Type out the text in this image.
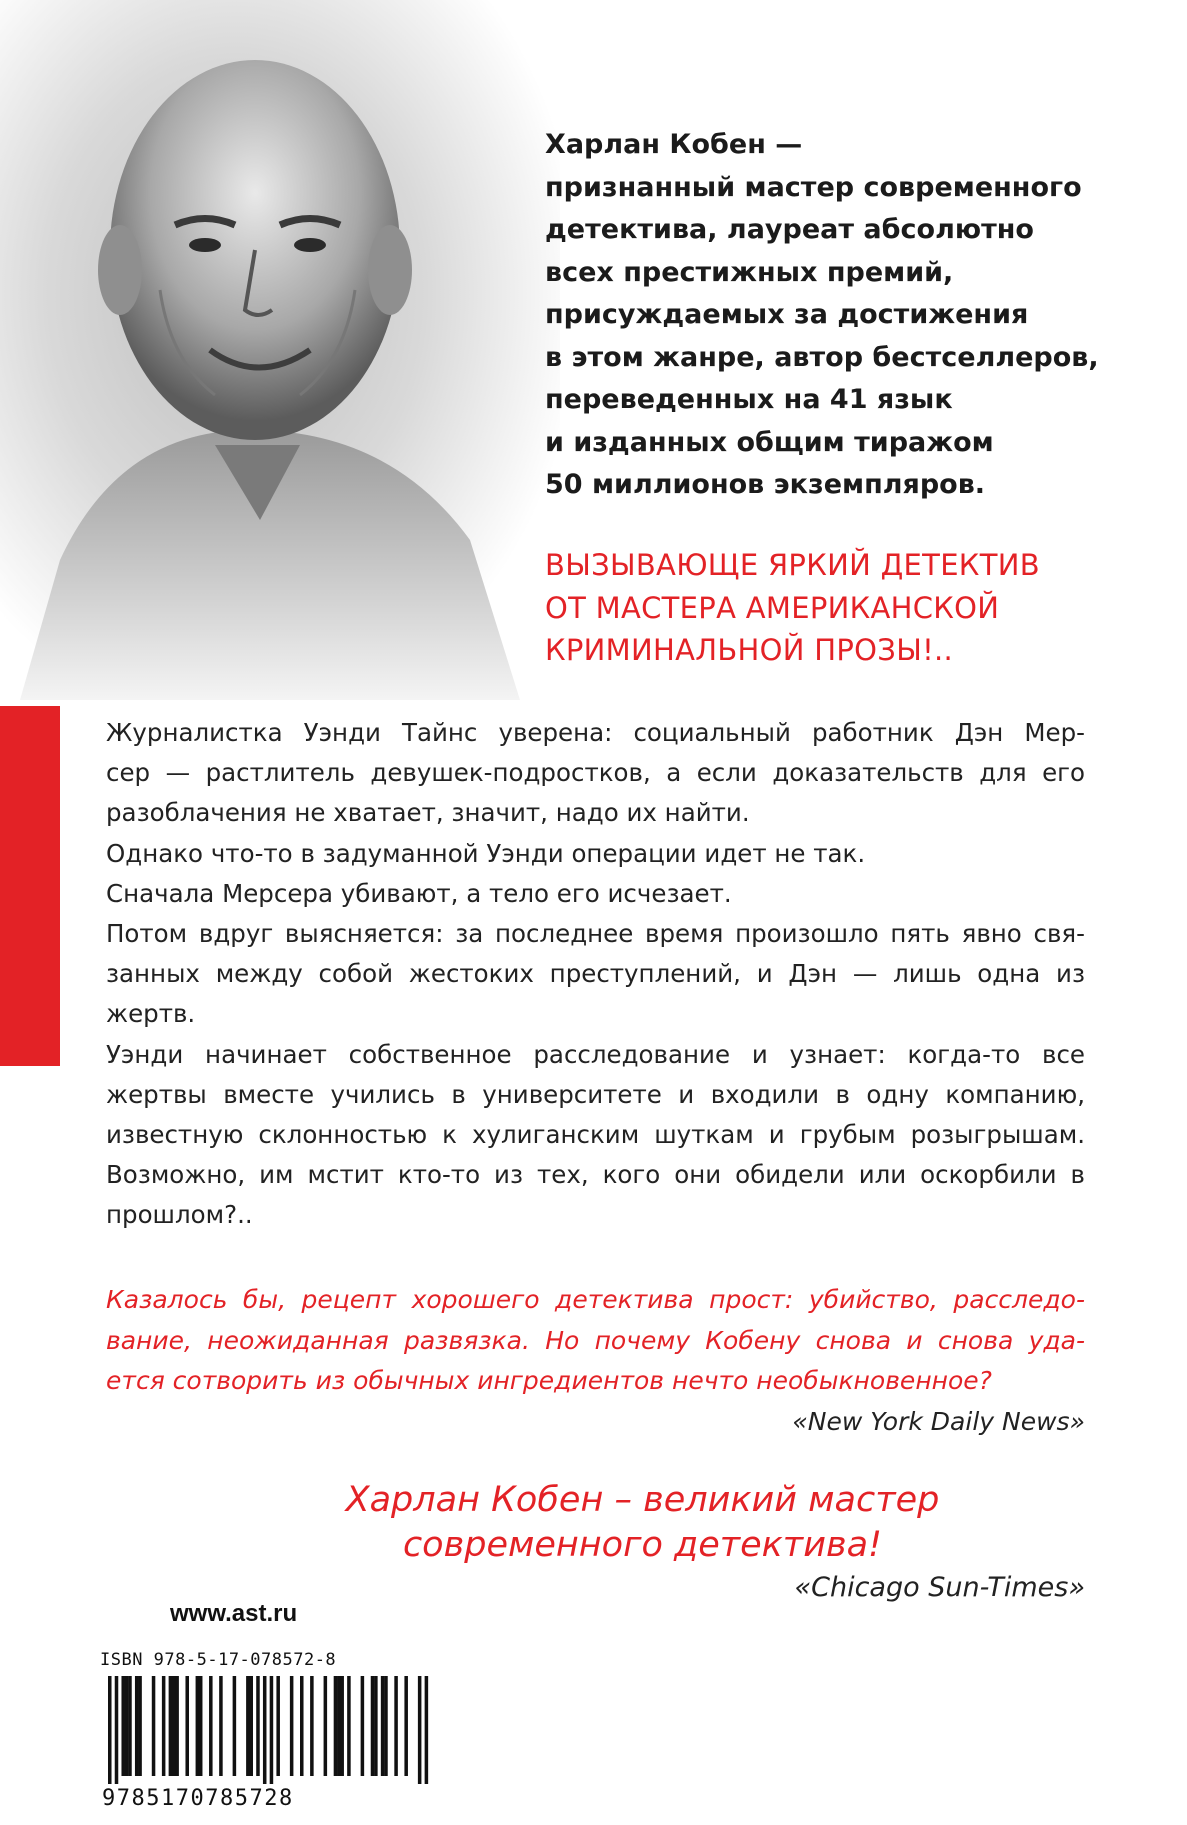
Харлан Кобен —
признанный мастер современного
детектива, лауреат абсолютно
всех престижных премий,
присуждаемых за достижения
в этом жанре, автор бестселлеров,
переведенных на 41 язык
и изданных общим тиражом
50 миллионов экземпляров.
ВЫЗЫВАЮЩЕ ЯРКИЙ ДЕТЕКТИВ
ОТ МАСТЕРА АМЕРИКАНСКОЙ
КРИМИНАЛЬНОЙ ПРОЗЫ!..
Журналистка Уэнди Тайнс уверена: социальный работник Дэн Мер-
сер — растлитель девушек-подростков, а если доказательств для его
разоблачения не хватает, значит, надо их найти.
Однако что-то в задуманной Уэнди операции идет не так.
Сначала Мерсера убивают, а тело его исчезает.
Потом вдруг выясняется: за последнее время произошло пять явно свя-
занных между собой жестоких преступлений, и Дэн — лишь одна из
жертв.
Уэнди начинает собственное расследование и узнает: когда-то все
жертвы вместе учились в университете и входили в одну компанию,
известную склонностью к хулиганским шуткам и грубым розыгрышам.
Возможно, им мстит кто-то из тех, кого они обидели или оскорбили в
прошлом?..
Казалось бы, рецепт хорошего детектива прост: убийство, расследо-
вание, неожиданная развязка. Но почему Кобену снова и снова уда-
ется сотворить из обычных ингредиентов нечто необыкновенное?
«New York Daily News»
Харлан Кобен – великий мастер
современного детектива!
«Chicago Sun-Times»
www.ast.ru
ISBN 978-5-17-078572-8
9785170785728
